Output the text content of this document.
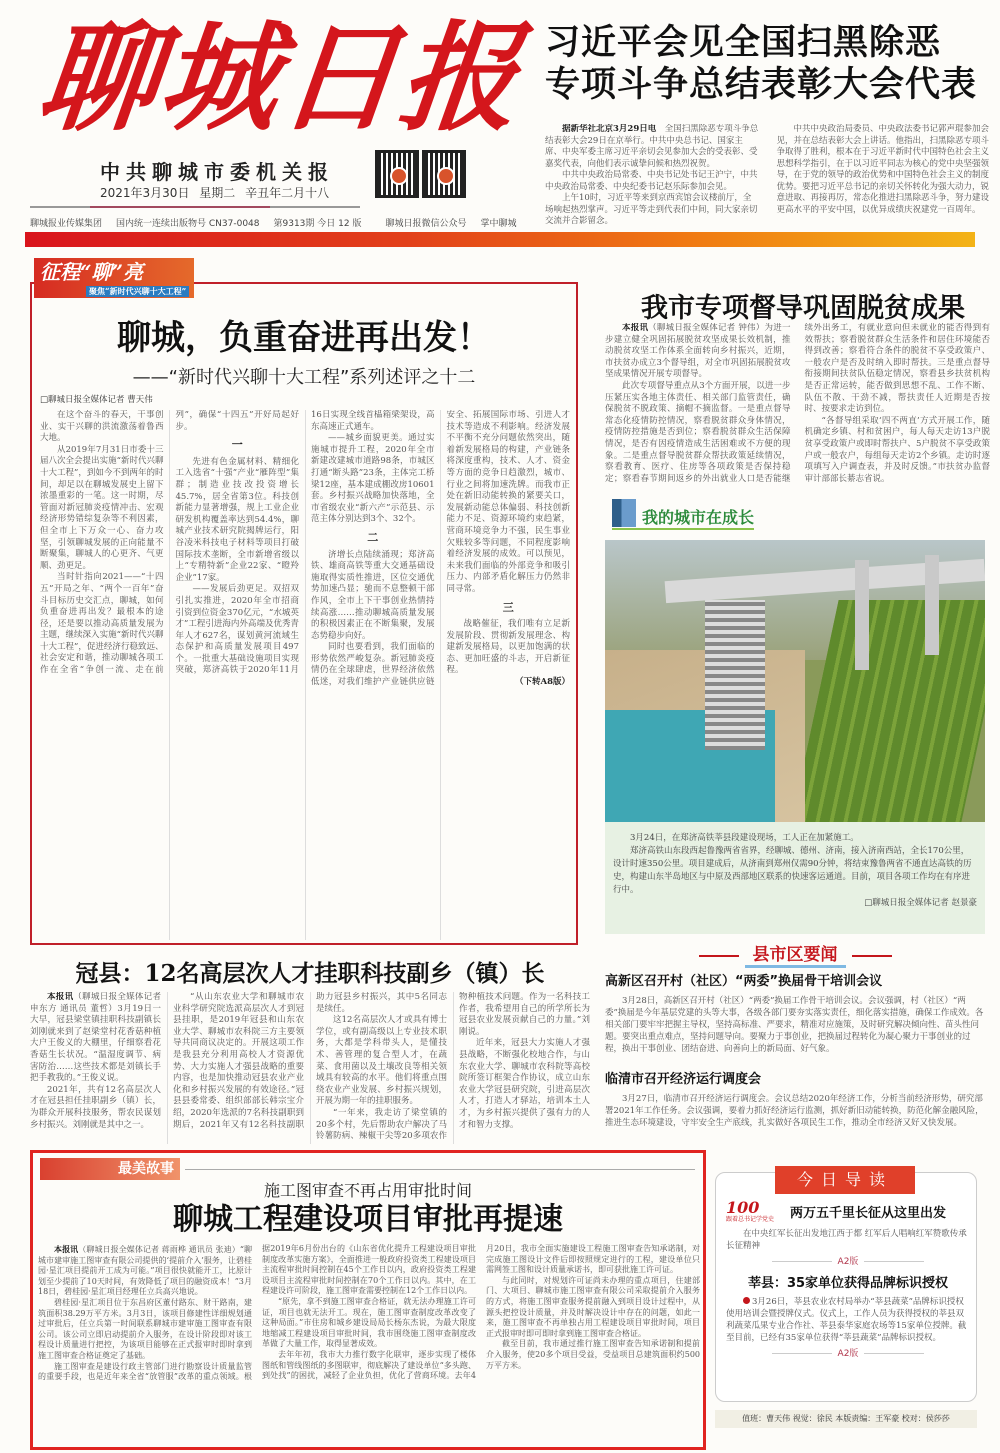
聊城日报
中共聊城市委机关报
2021年3月30日 星期二 辛丑年二月十八
聊城报业传媒集团 国内统一连续出版物号 CN37-0048 第9313期 今日 12 版	聊城日报微信公众号 掌中聊城
习近平会见全国扫黑除恶
专项斗争总结表彰大会代表

据新华社北京3月29日电　 全国扫黑除恶专项斗争总结表彰大会29日在京举行。中共中央总书记、国家主席、中央军委主席习近平亲切会见参加大会的受表彰、受嘉奖代表，向他们表示诚挚问候和热烈祝贺。

中共中央政治局常委、中央书记处书记王沪宁，中共中央政治局常委、中央纪委书记赵乐际参加会见。

上午10时，习近平等来到京西宾馆会议楼前厅，全场响起热烈掌声。习近平等走到代表们中间，同大家亲切交流并合影留念。

中共中央政治局委员、中央政法委书记郭声琨参加会见，并在总结表彰大会上讲话。他指出，扫黑除恶专项斗争取得了胜利，根本在于习近平新时代中国特色社会主义思想科学指引，在于以习近平同志为核心的党中央坚强领导，在于党的领导的政治优势和中国特色社会主义的制度优势。要把习近平总书记的亲切关怀转化为强大动力，锐意进取、再接再厉，常态化推进扫黑除恶斗争，努力建设更高水平的平安中国，以优异成绩庆祝建党一百周年。

征程“聊”亮
聚焦“新时代兴聊十大工程”
聊城，负重奋进再出发！
——“新时代兴聊十大工程”系列述评之十二
□聊城日报全媒体记者 曹天伟

在这个奋斗的春天，干事创业、实干兴聊的洪流激荡着鲁西大地。

从2019年7月31日市委十三届八次全会提出实施“新时代兴聊十大工程”，到如今不到两年的时间，却足以在聊城发展史上留下浓墨重彩的一笔。这一时期，尽管面对新冠肺炎疫情冲击、宏观经济形势错综复杂等不利因素，但全市上下万众一心、奋力攻坚，引领聊城发展的正向能量不断聚集，聊城人的心更齐、气更顺、劲更足。

当时针指向2021——“十四五”开局之年、“两个一百年”奋斗目标历史交汇点，聊城，如何负重奋进再出发？最根本的途径，还是要以推动高质量发展为主题，继续深入实施“新时代兴聊十大工程”，促进经济行稳致远、社会安定和谐，推动聊城各项工作在全省“争创一流、走在前列”，确保“十四五”开好局起好步。

一

先进有色金属材料、精细化工入选省“十强”产业“雁阵型”集群；制造业技改投资增长45.7%，居全省第3位。科技创新能力显著增强，规上工业企业研发机构覆盖率达到54.4%，聊城产业技术研究院揭牌运行，阳谷凌米科技电子材料等项目打破国际技术垄断，全市新增省级以上“专精特新”企业22家、“瞪羚企业”17家。

——发展后劲更足。双招双引扎实推进，2020年全市招商引资到位资金370亿元，“水城英才”工程引进海内外高端及优秀青年人才627名，谋划黄河流域生态保护和高质量发展项目497个。一批重大基础设施项目实现突破，郑济高铁于2020年11月16日实现全线首榀箱梁架设，高东高速正式通车。

——城乡面貌更美。通过实施城市提升工程，2020年全市新建改建城市道路98条，市城区打通“断头路”23条，主体完工桥梁12座，基本建成棚改房10601套。乡村振兴战略加快落地，全市省级农业“新六产”示范县、示范主体分别达到3个、32个。

二

济增长点陆续涌现；郑济高铁、雄商高铁等重大交通基础设施取得实质性推进，区位交通优势加速凸显；驰而不息整顿干部作风，全市上下干事创业热情持续高涨……推动聊城高质量发展的积极因素正在不断集聚，发展态势稳步向好。

同时也要看到，我们面临的形势依然严峻复杂。新冠肺炎疫情仍在全球肆虐，世界经济依然低迷，对我们维护产业链供应链安全、拓展国际市场、引进人才技术等造成不利影响。经济发展不平衡不充分问题依然突出，随着新发展格局的构建，产业链条将深度重构，技术、人才、资金等方面的竞争日趋激烈，城市、行业之间将加速洗牌。而我市正处在新旧动能转换的紧要关口，发展新动能总体偏弱、科技创新能力不足、资源环境约束趋紧，营商环境竞争力不强，民生事业欠账较多等问题，不同程度影响着经济发展的成效。可以预见，未来我们面临的外部竞争和吸引压力、内部矛盾化解压力仍然非同寻常。

三

战略催征，我们唯有立足新发展阶段、贯彻新发展理念、构建新发展格局，以更加饱满的状态、更加旺盛的斗志，开启新征程。

（下转A8版）

我市专项督导巩固脱贫成果

本报讯（聊城日报全媒体记者 钟伟）为进一步建立健全巩固拓展脱贫攻坚成果长效机制，推动脱贫攻坚工作体系全面转向乡村振兴，近期，市扶贫办成立3个督导组，对全市巩固拓展脱贫攻坚成果情况开展专项督导。

此次专项督导重点从3个方面开展，以进一步压紧压实各地主体责任、相关部门监管责任，确保脱贫不脱政策、摘帽不摘监督。一是重点督导常态化疫情防控情况，察看脱贫群众身体情况，疫情防控措施是否到位；察看脱贫群众生活保障情况，是否有因疫情造成生活困难或不方便的现象。二是重点督导脱贫群众帮扶政策延续情况，察看教育、医疗、住房等各项政策是否保持稳定；察看春节期间返乡的外出就业人口是否能继续外出务工，有就业意向但未就业的能否得到有效帮扶；察看脱贫群众生活条件和居住环境能否得到改善；察看符合条件的脱贫不享受政策户、一般农户是否及时纳入即时帮扶。三是重点督导衔接期间扶贫队伍稳定情况，察看县乡扶贫机构是否正常运转，能否做到思想不乱、工作不断、队伍不散、干劲不减，帮扶责任人近期是否按时、按要求走访到位。

“各督导组采取‘四不两直’方式开展工作，随机确定乡镇、村和贫困户，每人每天走访13户脱贫享受政策户或即时帮扶户、5户脱贫不享受政策户或一般农户，每组每天走访2个乡镇。走访时逐项填写入户调查表，并及时反馈。”市扶贫办监督审计部部长綦志省说。

我的城市在成长

3月24日，在郑济高铁莘县段建设现场，工人正在加紧施工。

郑济高铁山东段西起鲁豫两省省界，经聊城、德州、济南，接入济南西站，全长170公里，设计时速350公里。项目建成后，从济南到郑州仅需90分钟，将结束豫鲁两省不通直达高铁的历史，构建山东半岛地区与中原及西部地区联系的快速客运通道。目前，项目各项工作均在有序进行中。

□聊城日报全媒体记者 赵景豪
县市区要闻
高新区召开村（社区）“两委”换届骨干培训会议
3月28日，高新区召开村（社区）“两委”换届工作骨干培训会议。会议强调，村（社区）“两委”换届是今年基层党建的头等大事，各级各部门要夯实落实责任，细化落实措施，确保工作成效。各相关部门要牢牢把握主导权，坚持高标准、严要求，精准对应施策，及时研究解决倾向性、苗头性问题。要突出重点难点，坚持问题导向。要聚力于事创业，把换届过程转化为凝心聚力干事创业的过程，换出干事创业、团结奋进、向善向上的新局面、好气象。
临清市召开经济运行调度会
3月27日，临清市召开经济运行调度会。会议总结2020年经济工作，分析当前经济形势，研究部署2021年工作任务。会议强调，要着力抓好经济运行监测，抓好新旧动能转换，防范化解金融风险，推进生态环境建设，守牢安全生产底线，扎实做好各项民生工作，推动全市经济又好又快发展。
冠县：12名高层次人才挂职科技副乡（镇）长

本报讯（聊城日报全媒体记者 申东方 通讯员 董哲）3月19日一大早，冠县梁堂镇挂职科技副镇长刘刚就来到了赵梁堂村花香菇种植大户王俊义的大棚里，仔细察看花香菇生长状况。“温湿度调节、病害防治……这些技术都是刘镇长手把手教我的。”王俊义说。

2021年，共有12名高层次人才在冠县担任挂职副乡（镇）长，为群众开展科技服务，帮农民谋划乡村振兴。刘刚就是其中之一。

“从山东农业大学和聊城市农业科学研究院选派高层次人才到冠县挂职，是2019年冠县和山东农业大学、聊城市农科院三方主要领导共同商议决定的。开展这项工作是我县充分利用高校人才资源优势、大力实施人才强县战略的重要内容，也是加快推动冠县农业产业化和乡村振兴发展的有效途径。”冠县县委常委、组织部部长韩宗宝介绍，2020年选派的7名科技副职到期后，2021年又有12名科技副职助力冠县乡村振兴，其中5名同志是续任。

这12名高层次人才或具有博士学位，或有副高级以上专业技术职务，大都是学科带头人，是懂技术、善管理的复合型人才，在蔬菜、食用菌以及土壤改良等相关领域具有较高的水平。他们将重点围绕农业产业发展、乡村振兴规划，开展为期一年的挂职服务。

“一年来，我走访了梁堂镇的20多个村，先后帮助农户解决了马铃薯防病、辣椒干尖等20多项农作物种植技术问题。作为一名科技工作者，我希望用自己的所学所长为冠县农业发展贡献自己的力量。”刘刚说。

近年来，冠县大力实施人才强县战略，不断强化校地合作，与山东农业大学、聊城市农科院等高校院所签订框架合作协议，成立山东农业大学冠县研究院，引进高层次人才，打造人才驿站，培训本土人才，为乡村振兴提供了强有力的人才和智力支撑。

最美故事
施工图审查不再占用审批时间
聊城工程建设项目审批再提速

本报讯（聊城日报全媒体记者 蒋雨桦 通讯员 张迪）“聊城市建审施工图审查有限公司提供的‘提前介入’服务，让碧桂园·星汇项目提前开工成为可能。”项目很快就能开工，比原计划至少提前了10天时间，有效降低了项目的融资成本！”3月18日，碧桂园·星汇项目经理任立兵高兴地说。

碧桂园·星汇项目位于东昌府区董付路东、财干路南，建筑面积38.29万平方米。3月3日，该项目修建性详细规划通过审批后，任立兵第一时间联系聊城市建审施工图审查有限公司。该公司立即启动提前介入服务，在设计阶段即对该工程设计质量进行把控，为该项目能够在正式报审时即时拿到施工图审查合格证奠定了基础。

施工图审查是建设行政主管部门进行勘察设计质量监管的重要手段，也是近年来全省“放管服”改革的重点领域。根据2019年6月份出台的《山东省优化提升工程建设项目审批制度改革实施方案》，全面推进一般政府投资类工程建设项目主流程审批时间控制在45个工作日以内，政府投资类工程建设项目主流程审批时间控制在70个工作日以内。其中，在工程建设许可阶段，施工图审查需要控制在12个工作日以内。

“原先，拿不到施工图审查合格证，就无法办理施工许可证，项目也就无法开工。现在，施工图审查制度改革改变了这种局面。”市住房和城乡建设局局长杨东杰说，为最大限度地缩减工程建设项目审批时间，我市围绕施工图审查制度改革做了大量工作，取得显著成效。

去年年初，我市大力推行数字化联审，逐步实现了楼体图纸和管线图纸的多图联审，彻底解决了建设单位“多头跑、到处找”的困扰，减轻了企业负担，优化了营商环境。去年4月20日，我市全面实施建设工程施工图审查告知承诺制，对完成施工图设计文件后即按照规定进行的工程，建设单位只需网签工图和设计质量承诺书，即可获批施工许可证。

与此同时，对规划许可证尚未办理的重点项目，住建部门、大项目、聊城市施工图审查有限公司采取提前介入服务的方式，将施工图审查服务提前融入到项目设计过程中，从源头把控设计质量，并及时解决设计中存在的问题，如此一来，施工图审查不再单独占用工程建设项目审批时间，项目正式报审时即可即时拿到施工图审查合格证。

截至目前，我市通过推行施工图审查告知承诺制和提前介入服务，使20多个项目受益，受益项目总建筑面积约500万平方米。

今日导读
100
跟着总书记学党史	两万五千里长征从这里出发
在中央红军长征出发地江西于都 红军后人唱响红军赞歌传承长征精神
A2版
莘县：35家单位获得品牌标识授权
3月26日，莘县农业农村局举办“莘县蔬菜”品牌标识授权使用培训会暨授牌仪式。仪式上，工作人员为获得授权的莘县双利蔬菜瓜果专业合作社、莘县泰华家庭农场等15家单位授牌。截至目前，已经有35家单位获得“莘县蔬菜”品牌标识授权。
A2版
值班：曹天伟 视觉：徐民 本版责编：王军豪 校对：侯莎莎
